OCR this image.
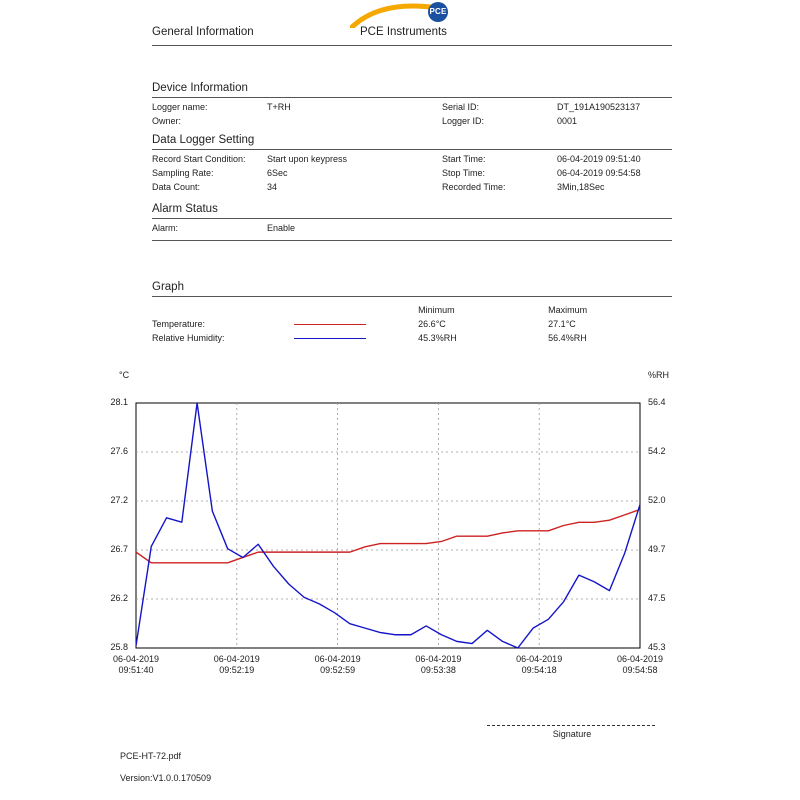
General Information	PCE Instruments
PCE
Device Information
Logger name:	T+RH	Serial ID:	DT_191A190523137
Owner:		Logger ID:	0001
Data Logger Setting
Record Start Condition:	Start upon keypress	Start Time:	06-04-2019 09:51:40
Sampling Rate:	6Sec	Stop Time:	06-04-2019 09:54:58
Data Count:	34	Recorded Time:	3Min,18Sec
Alarm Status
Alarm:	Enable		
Graph
		Minimum	Maximum
Temperature:		26.6°C	27.1°C
Relative Humidity:		45.3%RH	56.4%RH
°C	%RH
25.8	45.3
26.2	47.5
26.7	49.7
27.2	52.0
27.6	54.2
28.1	56.4
06-04-2019
09:51:40
06-04-2019
09:52:19
06-04-2019
09:52:59
06-04-2019
09:53:38
06-04-2019
09:54:18
06-04-2019
09:54:58
Signature
PCE-HT-72.pdf
Version:V1.0.0.170509
